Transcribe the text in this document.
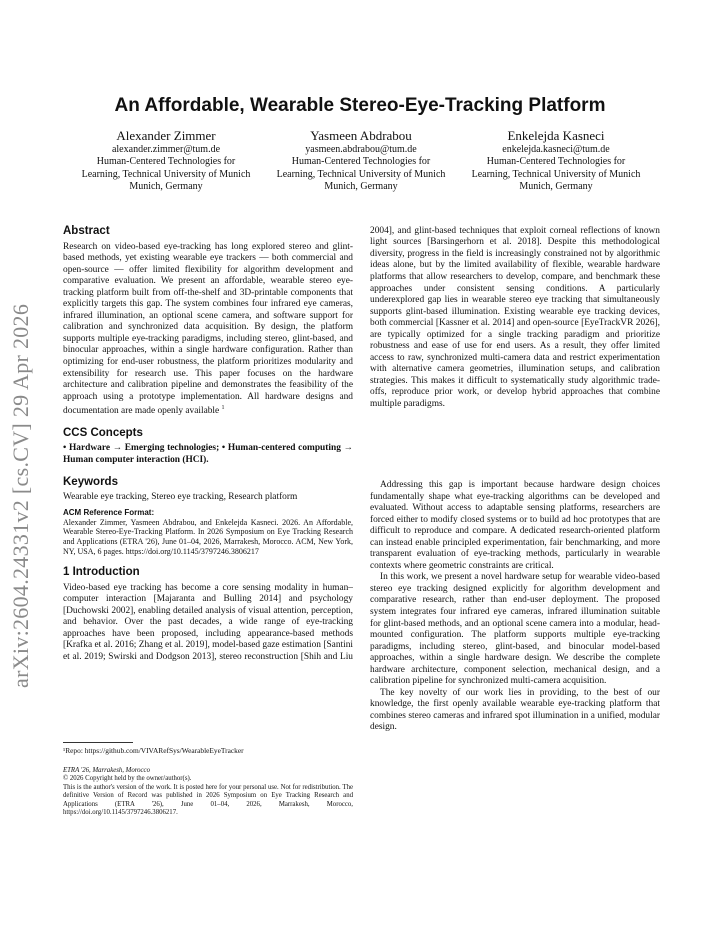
arXiv:2604.24331v2 [cs.CV] 29 Apr 2026
An Affordable, Wearable Stereo-Eye-Tracking Platform
Alexander Zimmer
alexander.zimmer@tum.de
Human-Centered Technologies for Learning, Technical University of Munich
Munich, Germany
Yasmeen Abdrabou
yasmeen.abdrabou@tum.de
Human-Centered Technologies for Learning, Technical University of Munich
Munich, Germany
Enkelejda Kasneci
enkelejda.kasneci@tum.de
Human-Centered Technologies for Learning, Technical University of Munich
Munich, Germany
Abstract

Research on video-based eye-tracking has long explored stereo and glint-based methods, yet existing wearable eye trackers — both commercial and open-source — offer limited flexibility for algorithm development and comparative evaluation. We present an affordable, wearable stereo eye-tracking platform built from off-the-shelf and 3D-printable components that explicitly targets this gap. The system combines four infrared eye cameras, infrared illumination, an optional scene camera, and software support for calibration and synchronized data acquisition. By design, the platform supports multiple eye-tracking paradigms, including stereo, glint-based, and binocular approaches, within a single hardware configuration. Rather than optimizing for end-user robustness, the platform prioritizes modularity and extensibility for research use. This paper focuses on the hardware architecture and calibration pipeline and demonstrates the feasibility of the approach using a prototype implementation. All hardware designs and documentation are made openly available $^1$

CCS Concepts

• Hardware → Emerging technologies; • Human-centered computing → Human computer interaction (HCI).

Keywords

Wearable eye tracking, Stereo eye tracking, Research platform

ACM Reference Format:
Alexander Zimmer, Yasmeen Abdrabou, and Enkelejda Kasneci. 2026. An Affordable, Wearable Stereo-Eye-Tracking Platform. In 2026 Symposium on Eye Tracking Research and Applications (ETRA '26), June 01–04, 2026, Marrakesh, Morocco. ACM, New York, NY, USA, 6 pages. https://doi.org/10.1145/3797246.3806217
1 Introduction

Video-based eye tracking has become a core sensing modality in human–computer interaction [Majaranta and Bulling 2014] and psychology [Duchowski 2002], enabling detailed analysis of visual attention, perception, and behavior. Over the past decades, a wide range of eye-tracking approaches have been proposed, including appearance-based methods [Krafka et al. 2016; Zhang et al. 2019], model-based gaze estimation [Santini et al. 2019; Swirski and Dodgson 2013], stereo reconstruction [Shih and Liu

2004], and glint-based techniques that exploit corneal reflections of known light sources [Barsingerhorn et al. 2018]. Despite this methodological diversity, progress in the field is increasingly constrained not by algorithmic ideas alone, but by the limited availability of flexible, wearable hardware platforms that allow researchers to develop, compare, and benchmark these approaches under consistent sensing conditions. A particularly underexplored gap lies in wearable stereo eye tracking that simultaneously supports glint-based illumination. Existing wearable eye tracking devices, both commercial [Kassner et al. 2014] and open-source [EyeTrackVR 2026], are typically optimized for a single tracking paradigm and prioritize robustness and ease of use for end users. As a result, they offer limited access to raw, synchronized multi-camera data and restrict experimentation with alternative camera geometries, illumination setups, and calibration strategies. This makes it difficult to systematically study algorithmic trade-offs, reproduce prior work, or develop hybrid approaches that combine multiple paradigms.

Addressing this gap is important because hardware design choices fundamentally shape what eye-tracking algorithms can be developed and evaluated. Without access to adaptable sensing platforms, researchers are forced either to modify closed systems or to build ad hoc prototypes that are difficult to reproduce and compare. A dedicated research-oriented platform can instead enable principled experimentation, fair benchmarking, and more transparent evaluation of eye-tracking methods, particularly in wearable contexts where geometric constraints are critical.

In this work, we present a novel hardware setup for wearable video-based stereo eye tracking designed explicitly for algorithm development and comparative research, rather than end-user deployment. The proposed system integrates four infrared eye cameras, infrared illumination suitable for glint-based methods, and an optional scene camera into a modular, head-mounted configuration. The platform supports multiple eye-tracking paradigms, including stereo, glint-based, and binocular model-based approaches, within a single hardware design. We describe the complete hardware architecture, component selection, mechanical design, and a calibration pipeline for synchronized multi-camera acquisition.

The key novelty of our work lies in providing, to the best of our knowledge, the first openly available wearable eye-tracking platform that combines stereo cameras and infrared spot illumination in a unified, modular design.

¹Repo: https://github.com/VIVARefSys/WearableEyeTracker
ETRA '26, Marrakesh, Morocco
© 2026 Copyright held by the owner/author(s).
This is the author's version of the work. It is posted here for your personal use. Not for redistribution. The definitive Version of Record was published in 2026 Symposium on Eye Tracking Research and Applications (ETRA '26), June 01–04, 2026, Marrakesh, Morocco, https://doi.org/10.1145/3797246.3806217.
